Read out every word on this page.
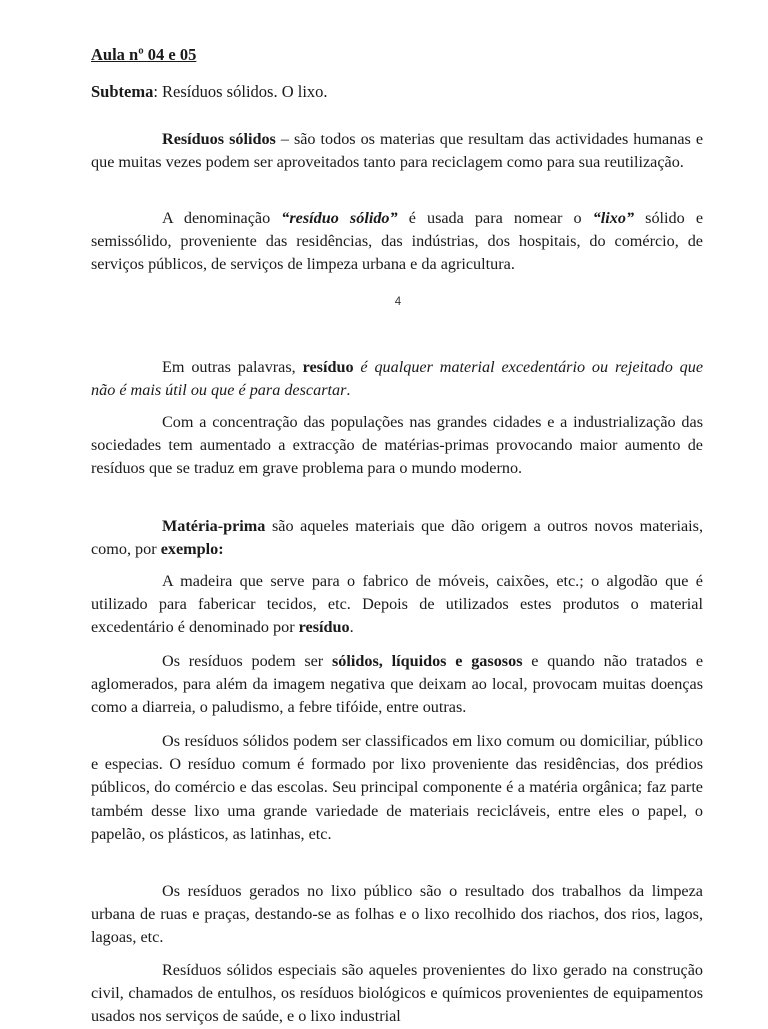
Aula nº 04 e 05

Subtema: Resíduos sólidos. O lixo.

Resíduos sólidos – são todos os materias que resultam das actividades humanas e que muitas vezes podem ser aproveitados tanto para reciclagem como para sua reutilização.

A denominação “resíduo sólido” é usada para nomear o “lixo” sólido e semissólido, proveniente das residências, das indústrias, dos hospitais, do comércio, de serviços públicos, de serviços de limpeza urbana e da agricultura.

4

Em outras palavras, resíduo é qualquer material excedentário ou rejeitado que não é mais útil ou que é para descartar.

Com a concentração das populações nas grandes cidades e a industrialização das sociedades tem aumentado a extracção de matérias-primas provocando maior aumento de resíduos que se traduz em grave problema para o mundo moderno.

Matéria-prima são aqueles materiais que dão origem a outros novos materiais, como, por exemplo:

A madeira que serve para o fabrico de móveis, caixões, etc.; o algodão que é utilizado para fabericar tecidos, etc. Depois de utilizados estes produtos o material excedentário é denominado por resíduo.

Os resíduos podem ser sólidos, líquidos e gasosos e quando não tratados e aglomerados, para além da imagem negativa que deixam ao local, provocam muitas doenças como a diarreia, o paludismo, a febre tifóide, entre outras.

Os resíduos sólidos podem ser classificados em lixo comum ou domiciliar, público e especias. O resíduo comum é formado por lixo proveniente das residências, dos prédios públicos, do comércio e das escolas. Seu principal componente é a matéria orgânica; faz parte também desse lixo uma grande variedade de materiais recicláveis, entre eles o papel, o papelão, os plásticos, as latinhas, etc.

Os resíduos gerados no lixo público são o resultado dos trabalhos da limpeza urbana de ruas e praças, destando-se as folhas e o lixo recolhido dos riachos, dos rios, lagos, lagoas, etc.

Resíduos sólidos especiais são aqueles provenientes do lixo gerado na construção civil, chamados de entulhos, os resíduos biológicos e químicos provenientes de equipamentos usados nos serviços de saúde, e o lixo industrial
